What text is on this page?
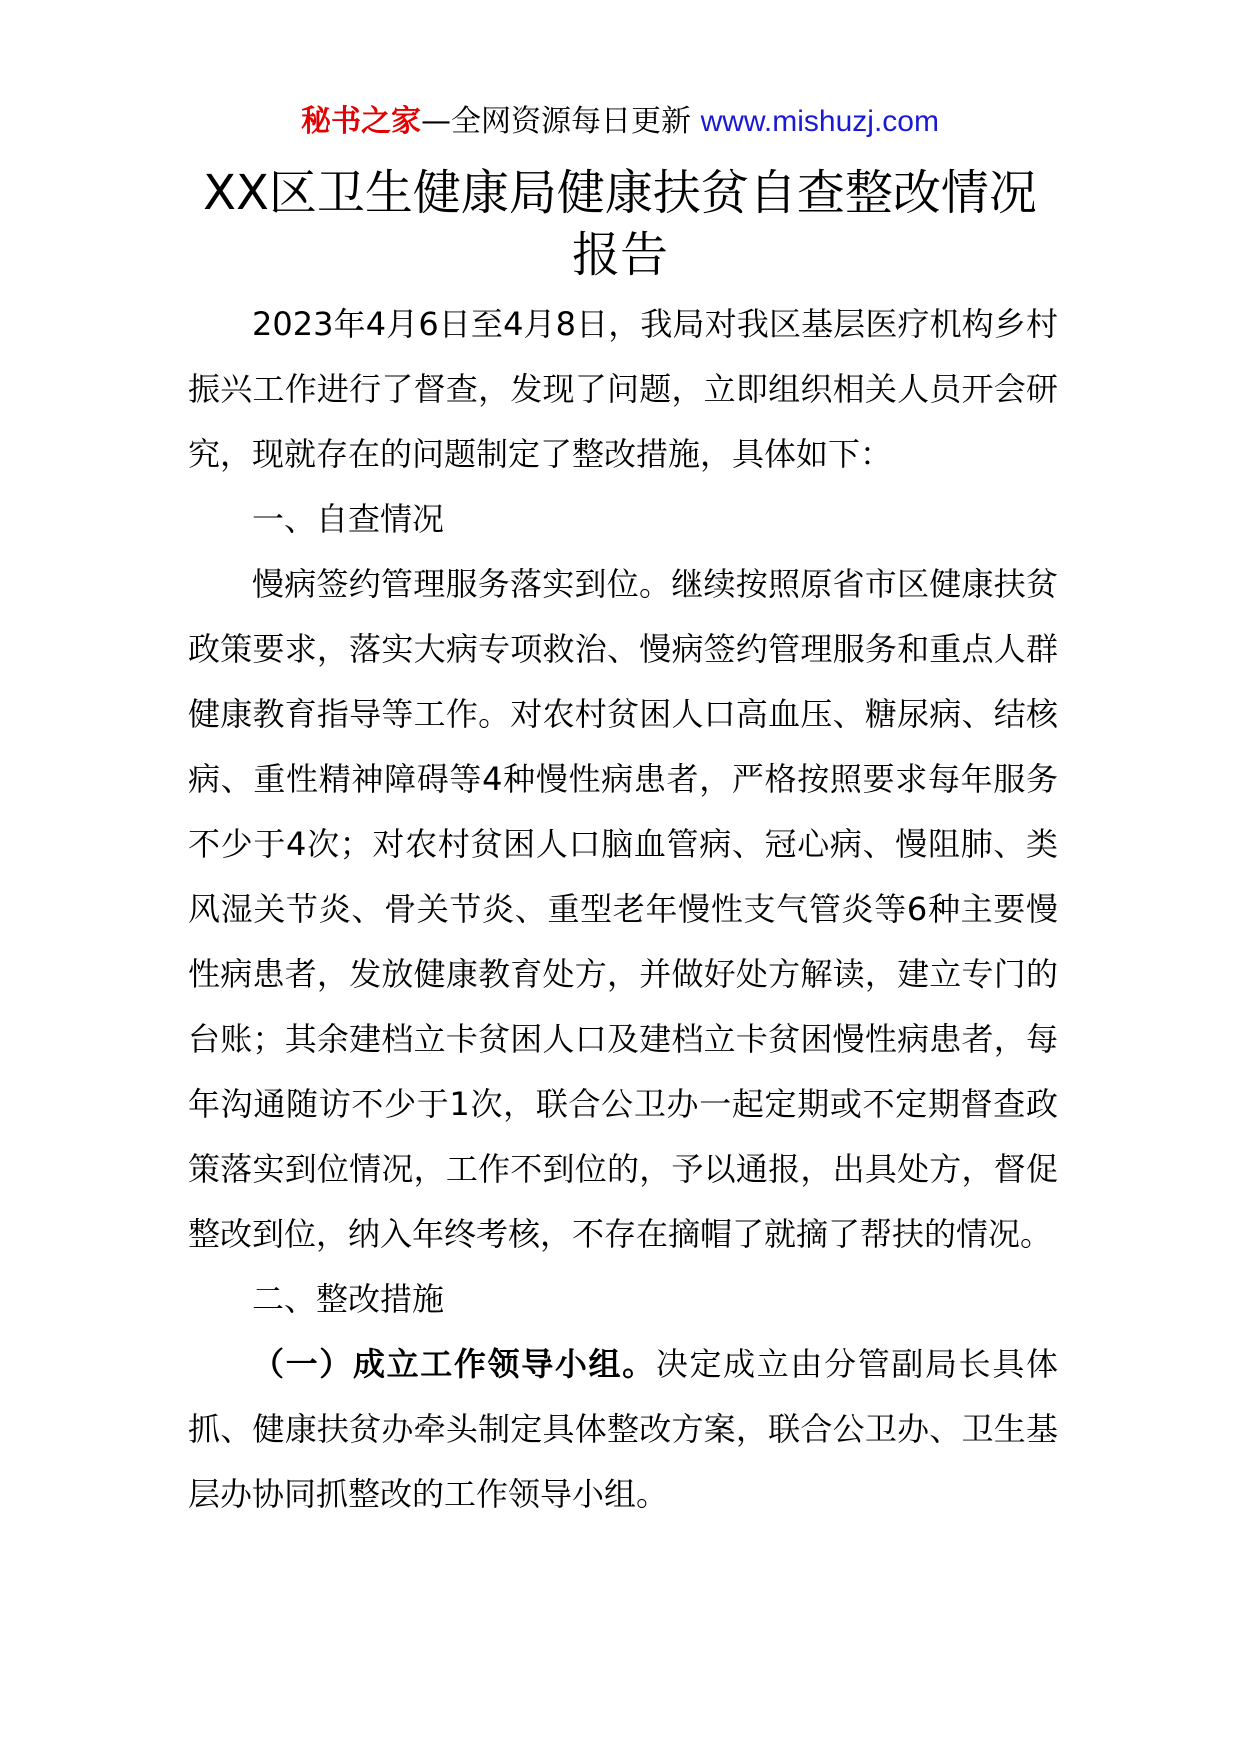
秘书之家—全网资源每日更新 www.mishuzj.com
XX区卫生健康局健康扶贫自查整改情况
报告

2023年4月6日至4月8日，我局对我区基层医疗机构乡村振兴工作进行了督查，发现了问题，立即组织相关人员开会研究，现就存在的问题制定了整改措施，具体如下：

一、自查情况

慢病签约管理服务落实到位。继续按照原省市区健康扶贫政策要求，落实大病专项救治、慢病签约管理服务和重点人群健康教育指导等工作。对农村贫困人口高血压、糖尿病、结核病、重性精神障碍等4种慢性病患者，严格按照要求每年服务不少于4次；对农村贫困人口脑血管病、冠心病、慢阻肺、类风湿关节炎、骨关节炎、重型老年慢性支气管炎等6种主要慢性病患者，发放健康教育处方，并做好处方解读，建立专门的台账；其余建档立卡贫困人口及建档立卡贫困慢性病患者，每年沟通随访不少于1次，联合公卫办一起定期或不定期督查政策落实到位情况，工作不到位的，予以通报，出具处方，督促整改到位，纳入年终考核，不存在摘帽了就摘了帮扶的情况。

二、整改措施

（一）成立工作领导小组。决定成立由分管副局长具体抓、健康扶贫办牵头制定具体整改方案，联合公卫办、卫生基层办协同抓整改的工作领导小组。
